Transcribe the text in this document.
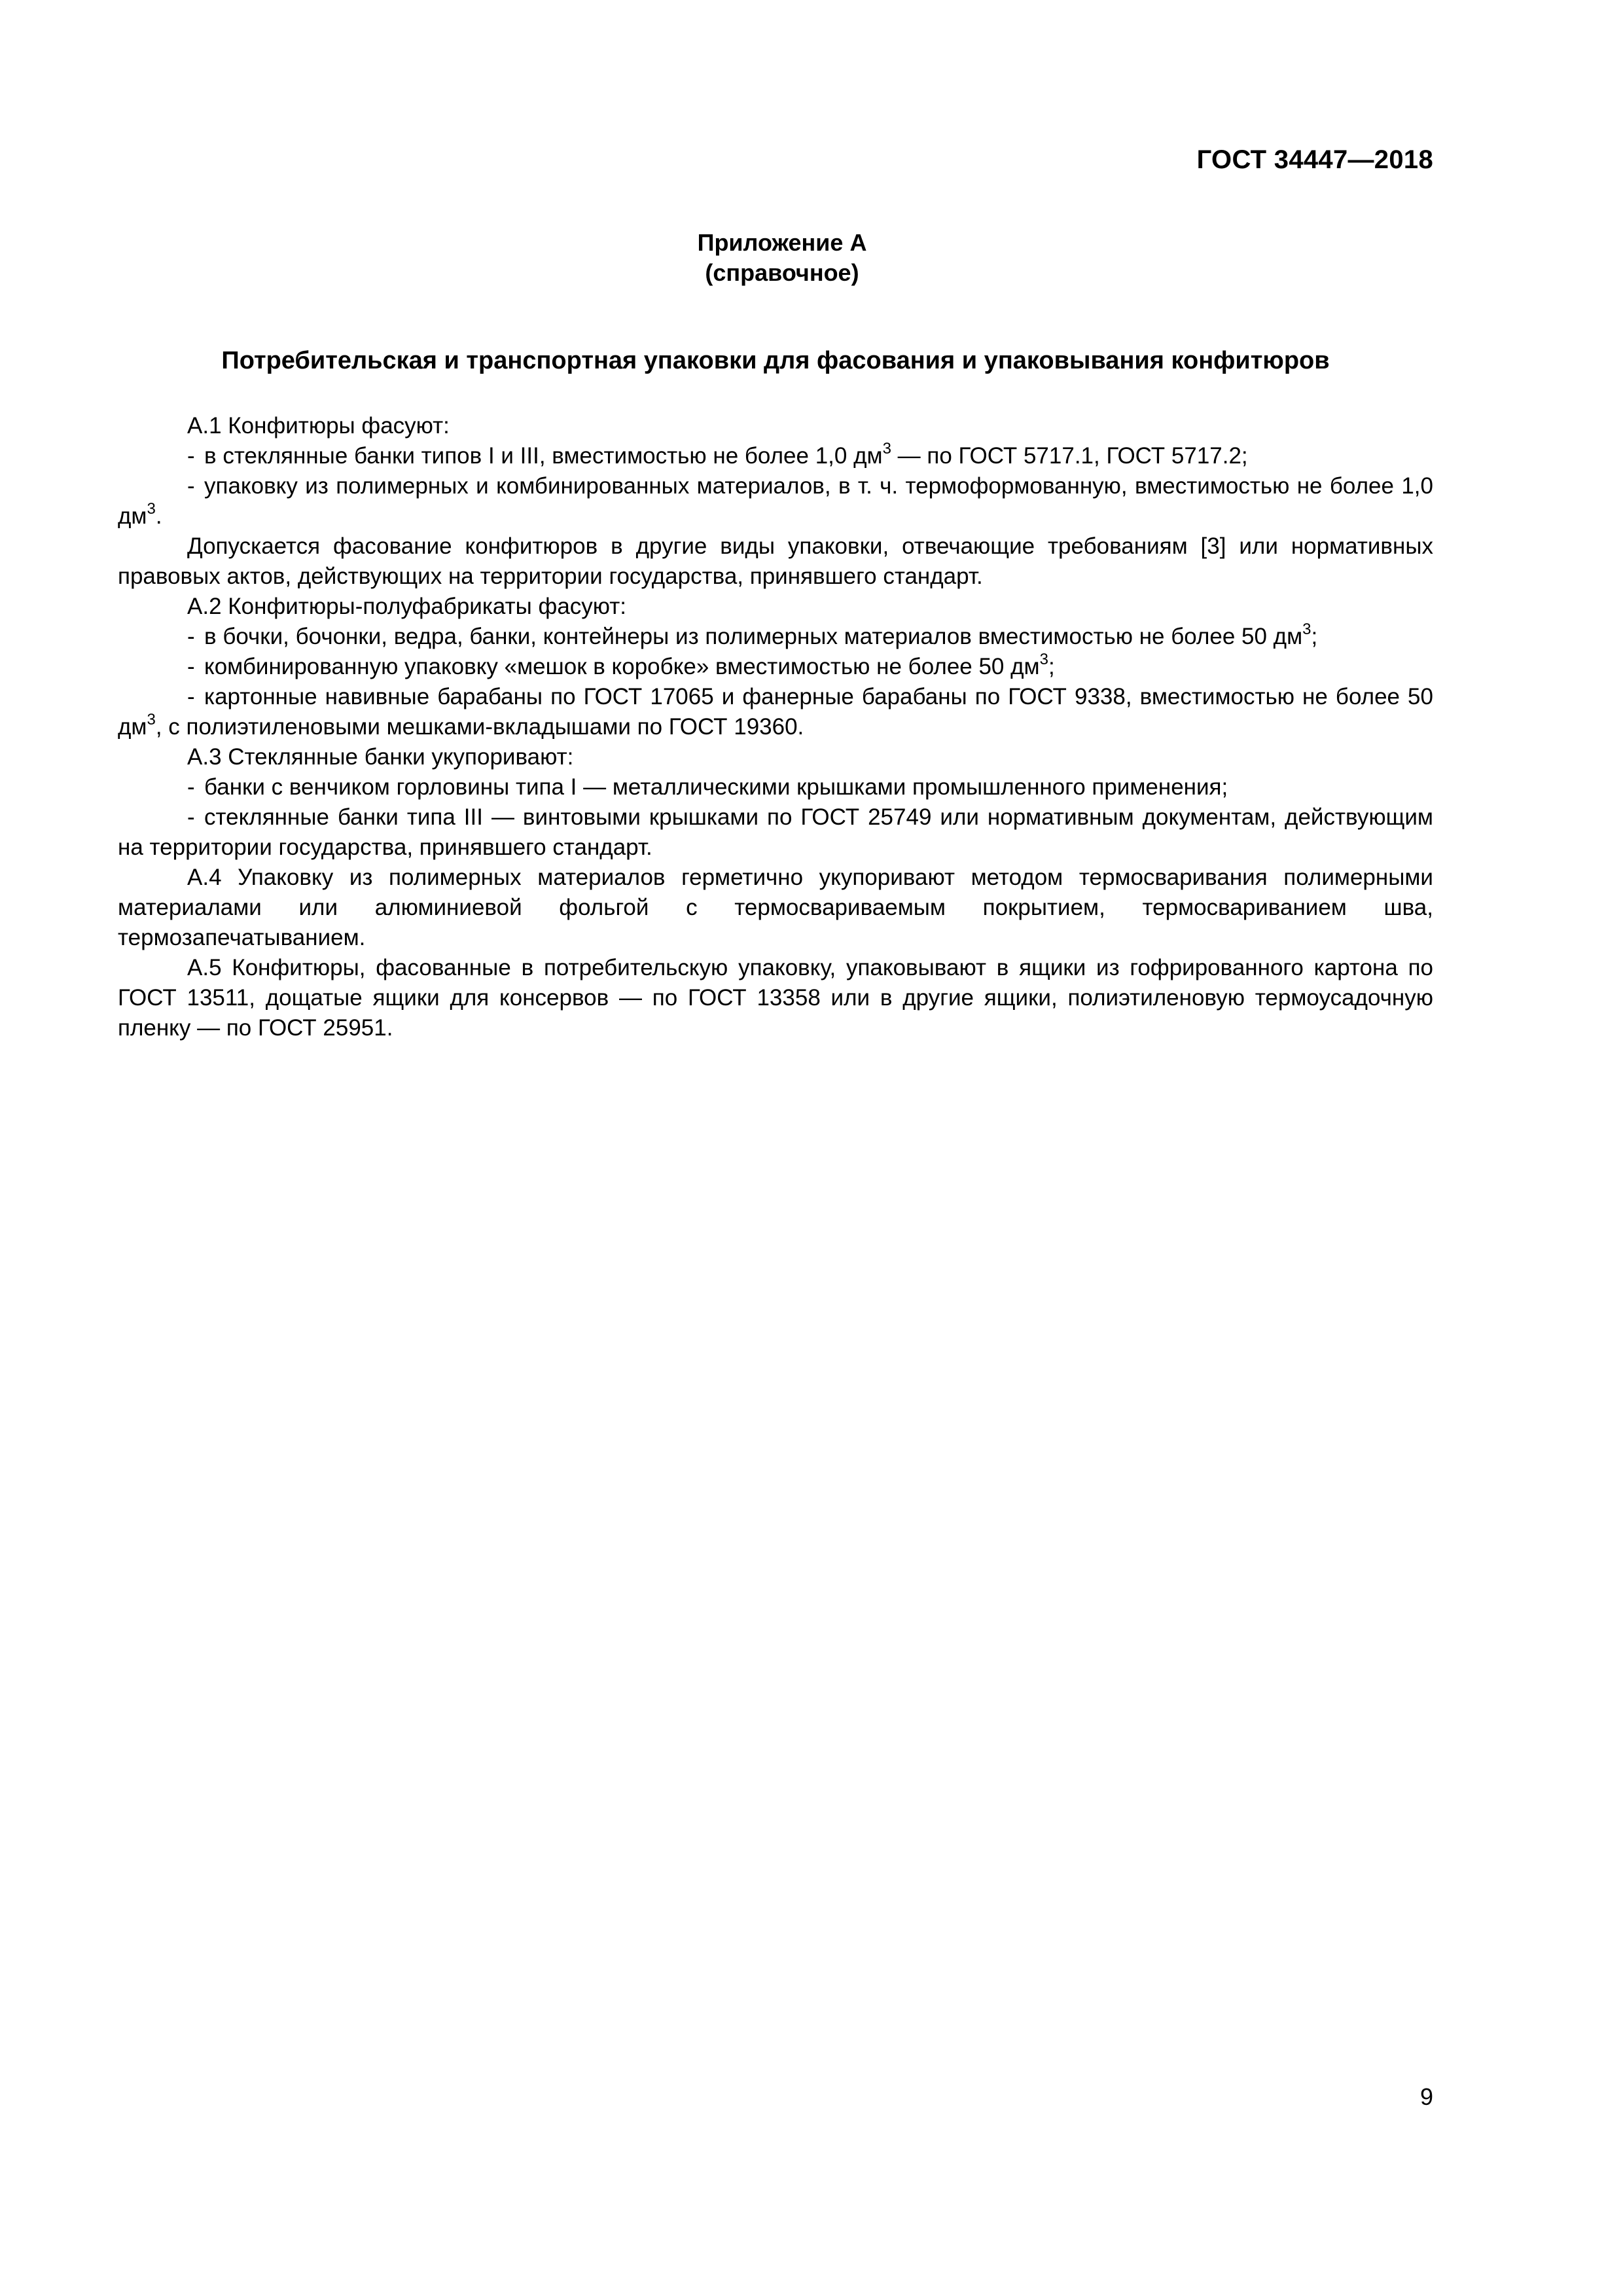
ГОСТ 34447—2018
Приложение А
(справочное)
Потребительская и транспортная упаковки для фасования и упаковывания конфитюров

А.1 Конфитюры фасуют:

- в стеклянные банки типов I и III, вместимостью не более 1,0 $дм^3$ — по ГОСТ 5717.1, ГОСТ 5717.2;

- упаковку из полимерных и комбинированных материалов, в т. ч. термоформованную, вместимостью не более 1,0 $дм^3$.

Допускается фасование конфитюров в другие виды упаковки, отвечающие требованиям [3] или нормативных правовых актов, действующих на территории государства, принявшего стандарт.

А.2 Конфитюры-полуфабрикаты фасуют:

- в бочки, бочонки, ведра, банки, контейнеры из полимерных материалов вместимостью не более 50 $дм^3$;

- комбинированную упаковку «мешок в коробке» вместимостью не более 50 $дм^3$;

- картонные навивные барабаны по ГОСТ 17065 и фанерные барабаны по ГОСТ 9338, вместимостью не более 50 $дм^3$, с полиэтиленовыми мешками-вкладышами по ГОСТ 19360.

А.3 Стеклянные банки укупоривают:

- банки с венчиком горловины типа I — металлическими крышками промышленного применения;

- стеклянные банки типа III — винтовыми крышками по ГОСТ 25749 или нормативным документам, действующим на территории государства, принявшего стандарт.

А.4 Упаковку из полимерных материалов герметично укупоривают методом термосваривания полимерными материалами или алюминиевой фольгой с термосвариваемым покрытием, термосвариванием шва, термозапечатыванием.

А.5 Конфитюры, фасованные в потребительскую упаковку, упаковывают в ящики из гофрированного картона по ГОСТ 13511, дощатые ящики для консервов — по ГОСТ 13358 или в другие ящики, полиэтиленовую термоусадочную пленку — по ГОСТ 25951.

9
